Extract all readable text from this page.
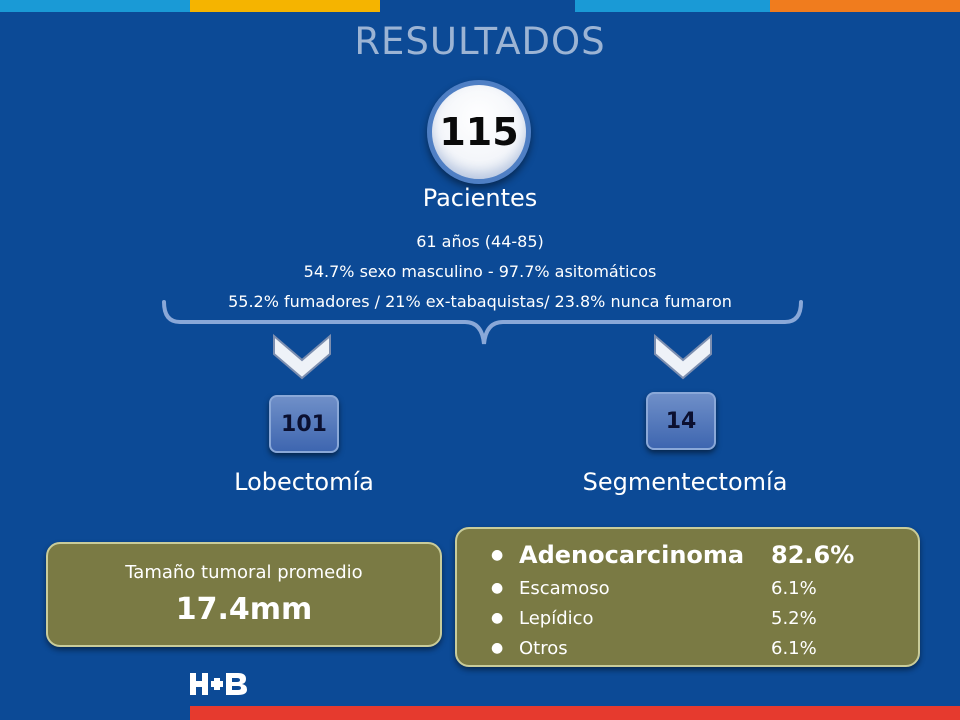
RESULTADOS
115
Pacientes
61 años (44-85)
54.7% sexo masculino - 97.7% asitomáticos
55.2% fumadores / 21% ex-tabaquistas/ 23.8% nunca fumaron
101	14
Lobectomía	Segmentectomía
Tamaño tumoral promedio
17.4mm
● Adenocarcinoma	82.6%
● Escamoso	6.1%
● Lepídico	5.2%
● Otros	6.1%
